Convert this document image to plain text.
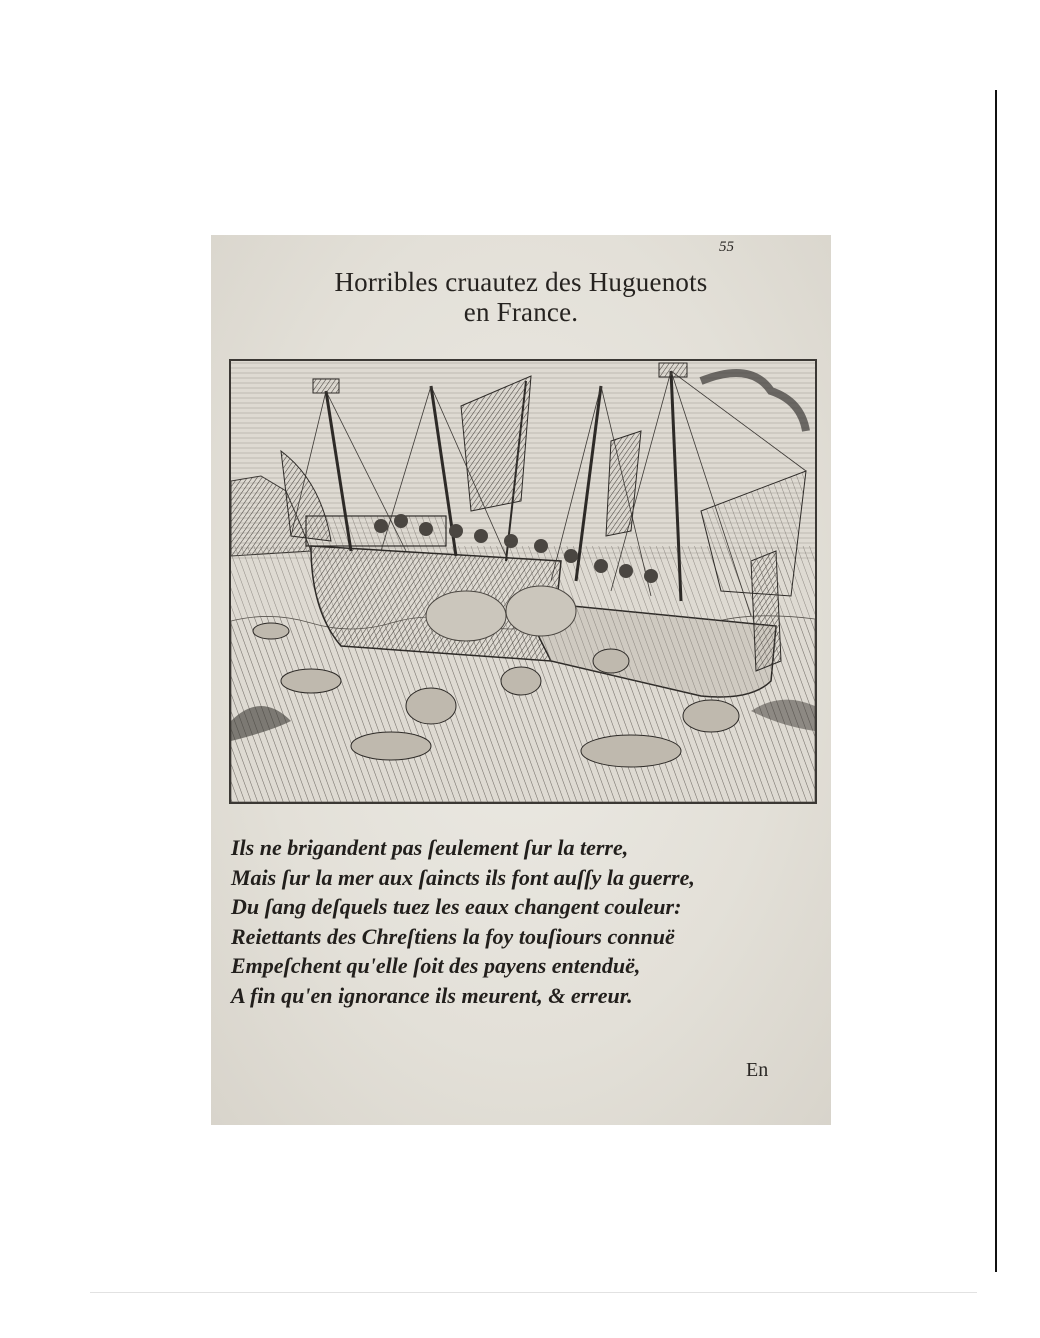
55
Horribles cruautez des Huguenots
en France.
Ils ne brigandent pas ſeulement ſur la terre,
Mais ſur la mer aux ſaincts ils font auſſy la guerre,
Du ſang deſquels tuez les eaux changent couleur:
Reiettants des Chreſtiens la foy touſiours connuë
Empeſchent qu'elle ſoit des payens entenduë,
A fin qu'en ignorance ils meurent, & erreur.
En
